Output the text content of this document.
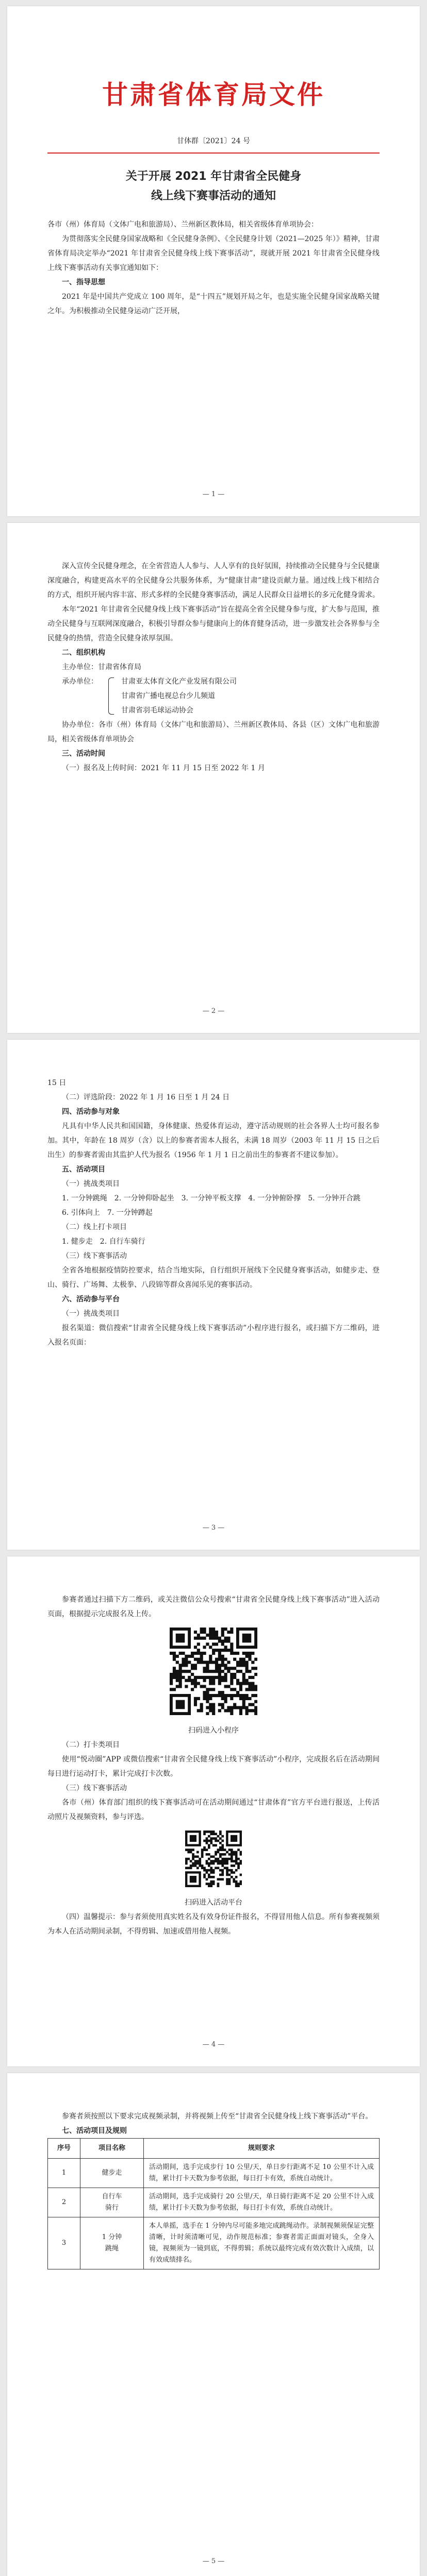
甘肃省体育局文件
甘体群〔2021〕24 号
关于开展 2021 年甘肃省全民健身
线上线下赛事活动的通知

各市（州）体育局（文体广电和旅游局）、兰州新区教体局，相关省级体育单项协会：

为贯彻落实全民健身国家战略和《全民健身条例》、《全民健身计划（2021—2025 年）》精神，甘肃省体育局决定举办“2021 年甘肃省全民健身线上线下赛事活动”，现就开展 2021 年甘肃省全民健身线上线下赛事活动有关事宜通知如下：

一、指导思想

2021 年是中国共产党成立 100 周年，是“十四五”规划开局之年，也是实施全民健身国家战略关键之年。为积极推动全民健身运动广泛开展，

— 1 —

深入宣传全民健身理念，在全省营造人人参与、人人享有的良好氛围，持续推动全民健身与全民健康深度融合，构建更高水平的全民健身公共服务体系，为“健康甘肃”建设贡献力量。通过线上线下相结合的方式，组织开展内容丰富、形式多样的全民健身赛事活动，满足人民群众日益增长的多元化健身需求。

本年“2021 年甘肃省全民健身线上线下赛事活动”旨在提高全省全民健身参与度，扩大参与范围，推动全民健身与互联网深度融合，积极引导群众参与健康向上的体育健身活动，进一步激发社会各界参与全民健身的热情，营造全民健身浓厚氛围。

二、组织机构

主办单位：甘肃省体育局

承办单位：	甘肃亚太体育文化产业发展有限公司
甘肃省广播电视总台少儿频道
甘肃省羽毛球运动协会

协办单位：各市（州）体育局（文体广电和旅游局）、兰州新区教体局、各县（区）文体广电和旅游局，相关省级体育单项协会

三、活动时间

（一）报名及上传时间：2021 年 11 月 15 日至 2022 年 1 月

— 2 —

15 日

（二）评选阶段：2022 年 1 月 16 日至 1 月 24 日

四、活动参与对象

凡具有中华人民共和国国籍，身体健康、热爱体育运动，遵守活动规则的社会各界人士均可报名参加。其中，年龄在 18 周岁（含）以上的参赛者需本人报名，未满 18 周岁（2003 年 11 月 15 日之后出生）的参赛者需由其监护人代为报名（1956 年 1 月 1 日之前出生的参赛者不建议参加）。

五、活动项目

（一）挑战类项目

1. 一分钟跳绳　2. 一分钟仰卧起坐　3. 一分钟平板支撑　4. 一分钟俯卧撑　5. 一分钟开合跳

6. 引体向上　7. 一分钟蹲起

（二）线上打卡项目

1. 健步走　2. 自行车骑行

（三）线下赛事活动

全省各地根据疫情防控要求，结合当地实际，自行组织开展线下全民健身赛事活动，如健步走、登山、骑行、广场舞、太极拳、八段锦等群众喜闻乐见的赛事活动。

六、活动参与平台

（一）挑战类项目

报名渠道：微信搜索“甘肃省全民健身线上线下赛事活动”小程序进行报名，或扫描下方二维码，进入报名页面：

— 3 —

参赛者通过扫描下方二维码，或关注微信公众号搜索“甘肃省全民健身线上线下赛事活动”进入活动页面，根据提示完成报名及上传。

扫码进入小程序

（二）打卡类项目

使用“悦动圈”APP 或微信搜索“甘肃省全民健身线上线下赛事活动”小程序，完成报名后在活动期间每日进行运动打卡，累计完成打卡次数。

（三）线下赛事活动

各市（州）体育部门组织的线下赛事活动可在活动期间通过“甘肃体育”官方平台进行报送，上传活动照片及视频资料，参与评选。

扫码进入活动平台

（四）温馨提示：参与者须使用真实姓名及有效身份证件报名，不得冒用他人信息。所有参赛视频须为本人在活动期间录制，不得剪辑、加速或借用他人视频。

— 4 —

参赛者须按照以下要求完成视频录制，并将视频上传至“甘肃省全民健身线上线下赛事活动”平台。

七、活动项目及规则

序号	项目名称	规则要求
1	健步走	活动期间，选手完成步行 10 公里/天，单日步行距离不足 10 公里不计入成绩，累计打卡天数为参考依据，每日打卡有效，系统自动统计。
2	自行车
骑行	活动期间，选手完成骑行 20 公里/天，单日骑行距离不足 20 公里不计入成绩，累计打卡天数为参考依据，每日打卡有效，系统自动统计。
3	1 分钟
跳绳	本人单摇，选手在 1 分钟内尽可能多地完成跳绳动作。录制视频须保证完整清晰，计时须清晰可见，动作规范标准；参赛者需正面面对镜头，全身入镜，视频须为一镜到底，不得剪辑；系统以最终完成有效次数计入成绩，以有效成绩排名。
— 5 —
